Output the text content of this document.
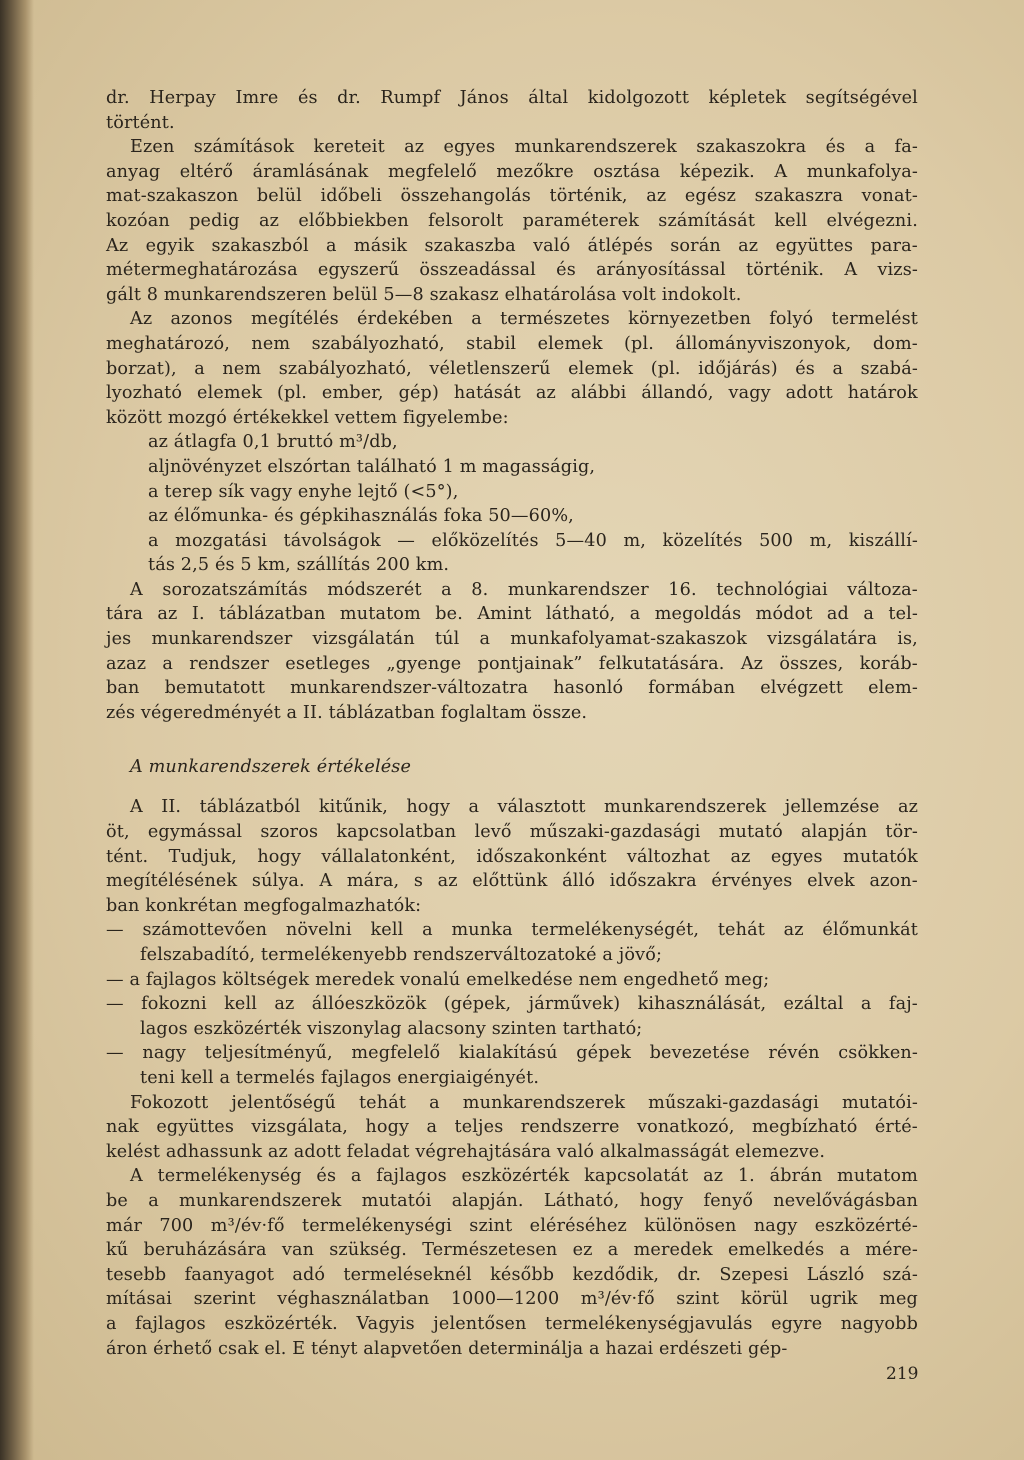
dr. Herpay Imre és dr. Rumpf János által kidolgozott képletek segítségével
történt.
Ezen számítások kereteit az egyes munkarendszerek szakaszokra és a fa-
anyag eltérő áramlásának megfelelő mezőkre osztása képezik. A munkafolya-
mat-szakaszon belül időbeli összehangolás történik, az egész szakaszra vonat-
kozóan pedig az előbbiekben felsorolt paraméterek számítását kell elvégezni.
Az egyik szakaszból a másik szakaszba való átlépés során az együttes para-
métermeghatározása egyszerű összeadással és arányosítással történik. A vizs-
gált 8 munkarendszeren belül 5—8 szakasz elhatárolása volt indokolt.
Az azonos megítélés érdekében a természetes környezetben folyó termelést
meghatározó, nem szabályozható, stabil elemek (pl. állományviszonyok, dom-
borzat), a nem szabályozható, véletlenszerű elemek (pl. időjárás) és a szabá-
lyozható elemek (pl. ember, gép) hatását az alábbi állandó, vagy adott határok
között mozgó értékekkel vettem figyelembe:
az átlagfa 0,1 bruttó m³/db,
aljnövényzet elszórtan található 1 m magasságig,
a terep sík vagy enyhe lejtő (<5°),
az élőmunka- és gépkihasználás foka 50—60%,
a mozgatási távolságok — előközelítés 5—40 m, közelítés 500 m, kiszállí-
tás 2,5 és 5 km, szállítás 200 km.
A sorozatszámítás módszerét a 8. munkarendszer 16. technológiai változa-
tára az I. táblázatban mutatom be. Amint látható, a megoldás módot ad a tel-
jes munkarendszer vizsgálatán túl a munkafolyamat-szakaszok vizsgálatára is,
azaz a rendszer esetleges „gyenge pontjainak” felkutatására. Az összes, koráb-
ban bemutatott munkarendszer-változatra hasonló formában elvégzett elem-
zés végeredményét a II. táblázatban foglaltam össze.
A munkarendszerek értékelése
A II. táblázatból kitűnik, hogy a választott munkarendszerek jellemzése az
öt, egymással szoros kapcsolatban levő műszaki-gazdasági mutató alapján tör-
tént. Tudjuk, hogy vállalatonként, időszakonként változhat az egyes mutatók
megítélésének súlya. A mára, s az előttünk álló időszakra érvényes elvek azon-
ban konkrétan megfogalmazhatók:
— számottevően növelni kell a munka termelékenységét, tehát az élőmunkát
felszabadító, termelékenyebb rendszerváltozatoké a jövő;
— a fajlagos költségek meredek vonalú emelkedése nem engedhető meg;
— fokozni kell az állóeszközök (gépek, járművek) kihasználását, ezáltal a faj-
lagos eszközérték viszonylag alacsony szinten tartható;
— nagy teljesítményű, megfelelő kialakítású gépek bevezetése révén csökken-
teni kell a termelés fajlagos energiaigényét.
Fokozott jelentőségű tehát a munkarendszerek műszaki-gazdasági mutatói-
nak együttes vizsgálata, hogy a teljes rendszerre vonatkozó, megbízható érté-
kelést adhassunk az adott feladat végrehajtására való alkalmasságát elemezve.
A termelékenység és a fajlagos eszközérték kapcsolatát az 1. ábrán mutatom
be a munkarendszerek mutatói alapján. Látható, hogy fenyő nevelővágásban
már 700 m³/év·fő termelékenységi szint eléréséhez különösen nagy eszközérté-
kű beruházására van szükség. Természetesen ez a meredek emelkedés a mére-
tesebb faanyagot adó termeléseknél később kezdődik, dr. Szepesi László szá-
mításai szerint véghasználatban 1000—1200 m³/év·fő szint körül ugrik meg
a fajlagos eszközérték. Vagyis jelentősen termelékenységjavulás egyre nagyobb
áron érhető csak el. E tényt alapvetően determinálja a hazai erdészeti gép-
219
